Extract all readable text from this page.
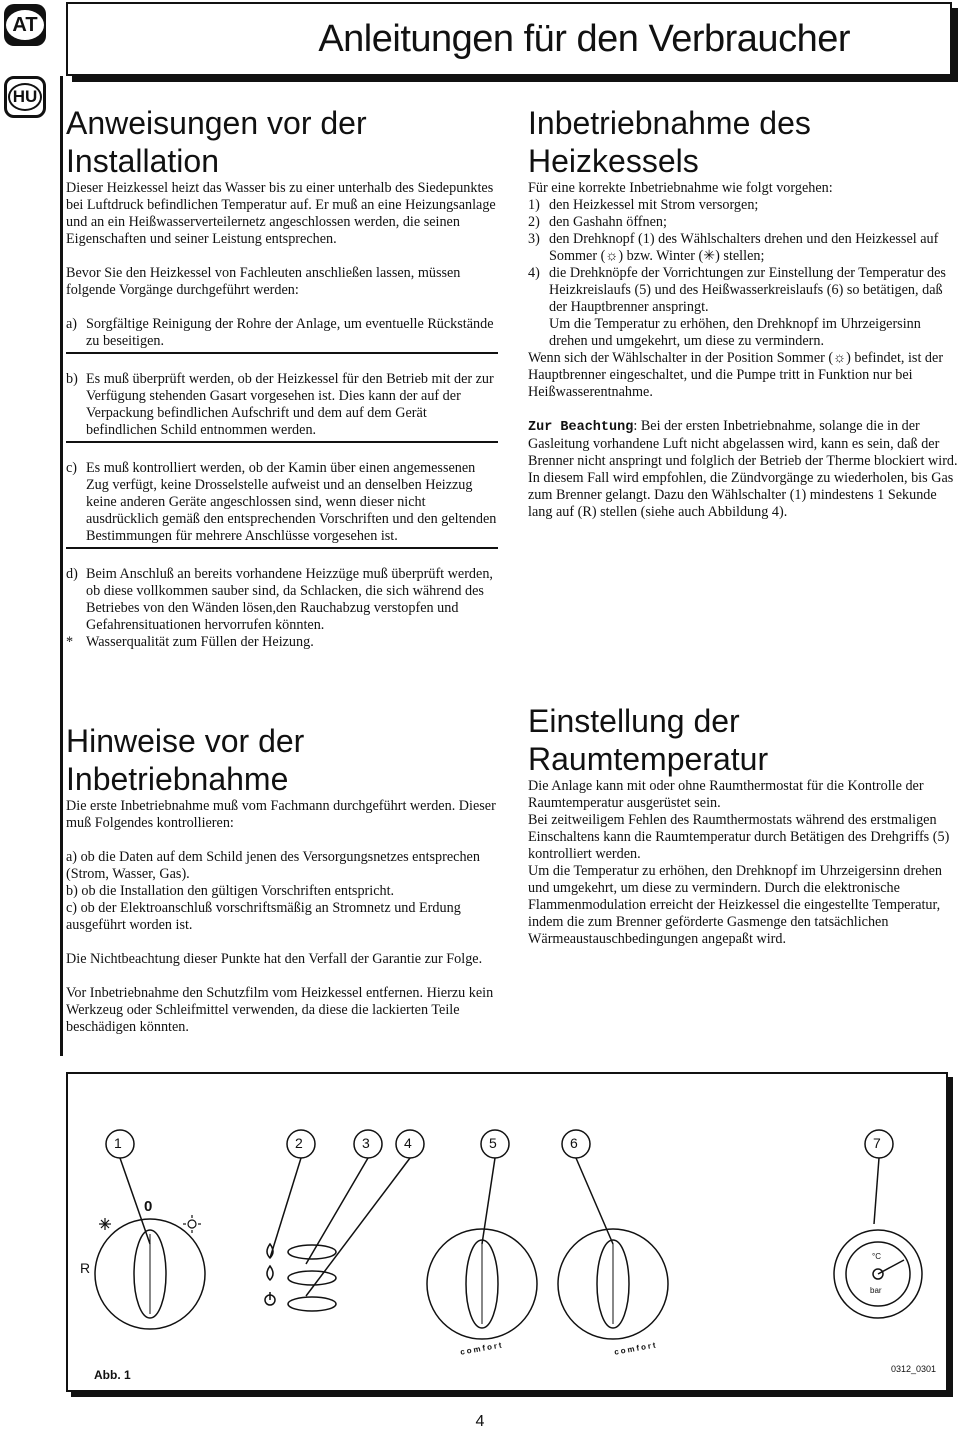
AT
HU
Anleitungen für den Verbraucher
Anweisungen vor der Installation

Dieser Heizkessel heizt das Wasser bis zu einer unterhalb des Siedepunktes bei Luftdruck befindlichen Temperatur auf. Er muß an eine Heizungsanlage und an ein Heißwasserverteilernetz angeschlossen werden, die seinen Eigenschaften und seiner Leistung entsprechen.

Bevor Sie den Heizkessel von Fachleuten anschließen lassen, müssen folgende Vorgänge durchgeführt werden:

a) Sorgfältige Reinigung der Rohre der Anlage, um eventuelle Rückstände zu beseitigen.
b) Es muß überprüft werden, ob der Heizkessel für den Betrieb mit der zur Verfügung stehenden Gasart vorgesehen ist. Dies kann der auf der Verpackung befindlichen Aufschrift und dem auf dem Gerät befindlichen Schild entnommen werden.
c) Es muß kontrolliert werden, ob der Kamin über einen angemessenen Zug verfügt, keine Drosselstelle aufweist und an denselben Heizzug keine anderen Geräte angeschlossen sind, wenn dieser nicht ausdrücklich gemäß den entsprechenden Vorschriften und den geltenden Bestimmungen für mehrere Anschlüsse vorgesehen ist.
d) Beim Anschluß an bereits vorhandene Heizzüge muß überprüft werden, ob diese vollkommen sauber sind, da Schlacken, die sich während des Betriebes von den Wänden lösen,den Rauchabzug verstopfen und Gefahrensituationen hervorrufen könnten.
* Wasserqualität zum Füllen der Heizung.
Hinweise vor der Inbetriebnahme

Die erste Inbetriebnahme muß vom Fachmann durchgeführt werden. Dieser muß Folgendes kontrollieren:

a) ob die Daten auf dem Schild jenen des Versorgungsnetzes entsprechen (Strom, Wasser, Gas).

b) ob die Installation den gültigen Vorschriften entspricht.

c) ob der Elektroanschluß vorschriftsmäßig an Stromnetz und Erdung ausgeführt worden ist.

Die Nichtbeachtung dieser Punkte hat den Verfall der Garantie zur Folge.

Vor Inbetriebnahme den Schutzfilm vom Heizkessel entfernen. Hierzu kein Werkzeug oder Schleifmittel verwenden, da diese die lackierten Teile beschädigen könnten.

Inbetriebnahme des Heizkessels

Für eine korrekte Inbetriebnahme wie folgt vorgehen:

1) den Heizkessel mit Strom versorgen;
2) den Gashahn öffnen;
3) den Drehknopf (1) des Wählschalters drehen und den Heizkessel auf Sommer (☼) bzw. Winter (✳) stellen;
4) die Drehknöpfe der Vorrichtungen zur Einstellung der Temperatur des Heizkreislaufs (5) und des Heißwasserkreislaufs (6) so betätigen, daß der Hauptbrenner anspringt.
Um die Temperatur zu erhöhen, den Drehknopf im Uhrzeigersinn drehen und umgekehrt, um diese zu vermindern.

Wenn sich der Wählschalter in der Position Sommer (☼) befindet, ist der Hauptbrenner eingeschaltet, und die Pumpe tritt in Funktion nur bei Heißwasserentnahme.

Zur Beachtung: Bei der ersten Inbetriebnahme, solange die in der Gasleitung vorhandene Luft nicht abgelassen wird, kann es sein, daß der Brenner nicht anspringt und folglich der Betrieb der Therme blockiert wird.

In diesem Fall wird empfohlen, die Zündvorgänge zu wiederholen, bis Gas zum Brenner gelangt. Dazu den Wählschalter (1) mindestens 1 Sekunde lang auf (R) stellen (siehe auch Abbildung 4).

Einstellung der Raumtemperatur

Die Anlage kann mit oder ohne Raumthermostat für die Kontrolle der Raumtemperatur ausgerüstet sein.

Bei zeitweiligem Fehlen des Raumthermostats während des erstmaligen Einschaltens kann die Raumtemperatur durch Betätigen des Drehgriffs (5) kontrolliert werden.

Um die Temperatur zu erhöhen, den Drehknopf im Uhrzeigersinn drehen und umgekehrt, um diese zu vermindern. Durch die elektronische Flammenmodulation erreicht der Heizkessel die eingestellte Temperatur, indem die zum Brenner geförderte Gasmenge den tatsächlichen Wärmeaustauschbedingungen angepaßt wird.

1	2	3 4	5	6	7
0
R
°C
bar
comfort	comfort
Abb. 1	0312_0301
4
